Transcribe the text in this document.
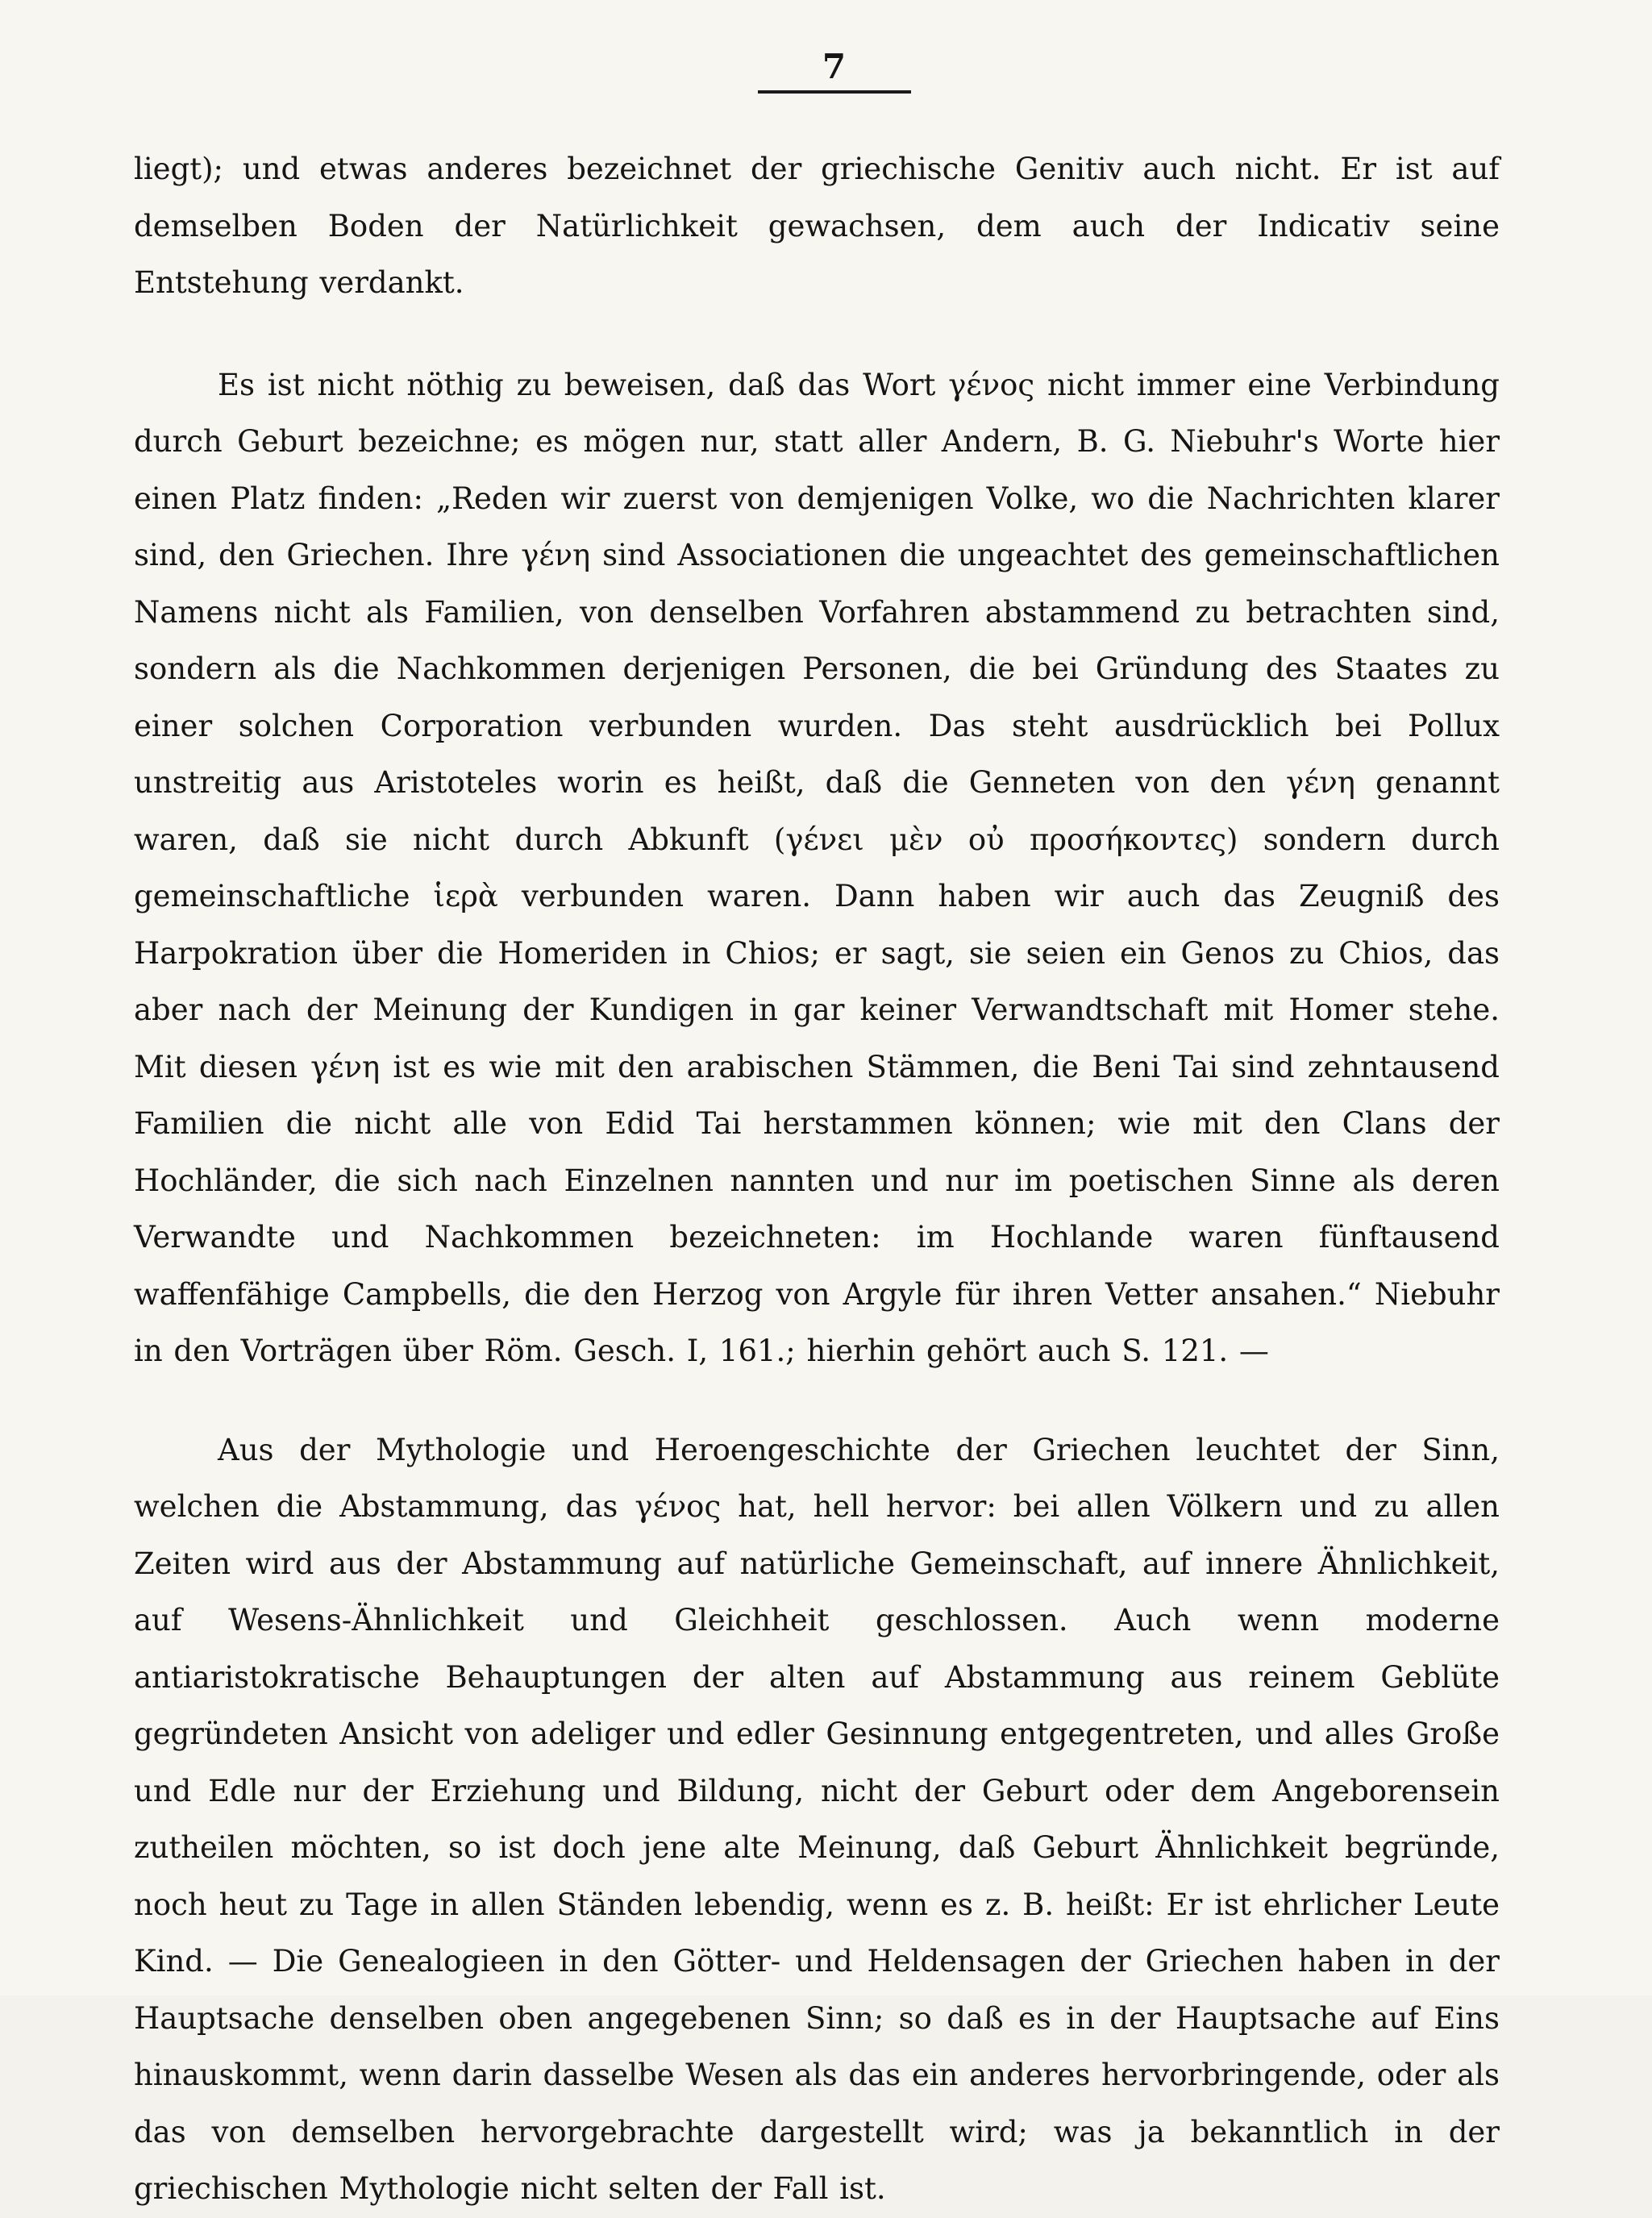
7

liegt); und etwas anderes bezeichnet der griechische Genitiv auch nicht. Er ist auf demselben Boden der Natürlichkeit gewachsen, dem auch der Indicativ seine Entstehung verdankt.

Es ist nicht nöthig zu beweisen, daß das Wort γένος nicht immer eine Verbindung durch Geburt bezeichne; es mögen nur, statt aller Andern, B. G. Niebuhr's Worte hier einen Platz finden: „Reden wir zuerst von demjenigen Volke, wo die Nachrichten klarer sind, den Griechen. Ihre γένη sind Associationen die ungeachtet des gemeinschaftlichen Namens nicht als Familien, von denselben Vorfahren abstammend zu betrachten sind, sondern als die Nachkommen derjenigen Personen, die bei Gründung des Staates zu einer solchen Corporation verbunden wurden. Das steht ausdrücklich bei Pollux unstreitig aus Aristoteles worin es heißt, daß die Genneten von den γένη genannt waren, daß sie nicht durch Abkunft (γένει μὲν οὐ προσήκοντες) sondern durch gemeinschaftliche ἱερὰ verbunden waren. Dann haben wir auch das Zeugniß des Harpokration über die Homeriden in Chios; er sagt, sie seien ein Genos zu Chios, das aber nach der Meinung der Kundigen in gar keiner Verwandtschaft mit Homer stehe. Mit diesen γένη ist es wie mit den arabischen Stämmen, die Beni Tai sind zehntausend Familien die nicht alle von Edid Tai herstammen können; wie mit den Clans der Hochländer, die sich nach Einzelnen nannten und nur im poetischen Sinne als deren Verwandte und Nachkommen bezeichneten: im Hochlande waren fünftausend waffenfähige Campbells, die den Herzog von Argyle für ihren Vetter ansahen.“ Niebuhr in den Vorträgen über Röm. Gesch. I, 161.; hierhin gehört auch S. 121. —

Aus der Mythologie und Heroengeschichte der Griechen leuchtet der Sinn, welchen die Abstammung, das γένος hat, hell hervor: bei allen Völkern und zu allen Zeiten wird aus der Abstammung auf natürliche Gemeinschaft, auf innere Ähnlichkeit, auf Wesens-Ähnlichkeit und Gleichheit geschlossen. Auch wenn moderne antiaristokratische Behauptungen der alten auf Abstammung aus reinem Geblüte gegründeten Ansicht von adeliger und edler Gesinnung entgegentreten, und alles Große und Edle nur der Erziehung und Bildung, nicht der Geburt oder dem Angeborensein zutheilen möchten, so ist doch jene alte Meinung, daß Geburt Ähnlichkeit begründe, noch heut zu Tage in allen Ständen lebendig, wenn es z. B. heißt: Er ist ehrlicher Leute Kind. — Die Genealogieen in den Götter- und Heldensagen der Griechen haben in der Hauptsache denselben oben angegebenen Sinn; so daß es in der Hauptsache auf Eins hinauskommt, wenn darin dasselbe Wesen als das ein anderes hervorbringende, oder als das von demselben hervorgebrachte dargestellt wird; was ja bekanntlich in der griechischen Mythologie nicht selten der Fall ist.
